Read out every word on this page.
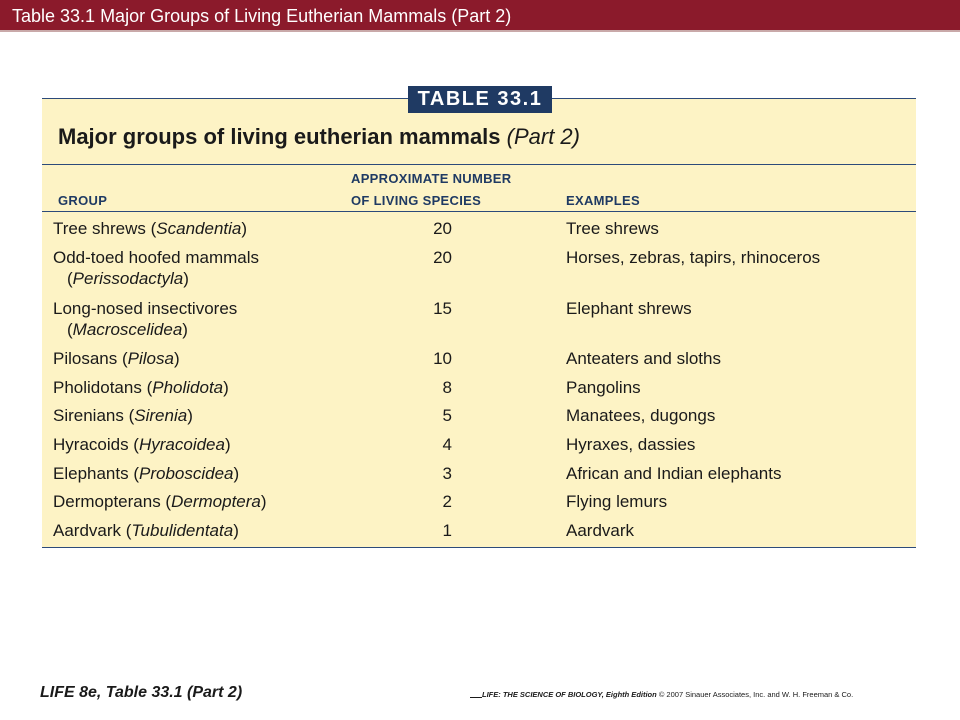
Table 33.1 Major Groups of Living Eutherian Mammals (Part 2)
TABLE 33.1
Major groups of living eutherian mammals (Part 2)
GROUP
APPROXIMATE NUMBER
OF LIVING SPECIES	EXAMPLES
Tree shrews (Scandentia)	20	Tree shrews
Odd-toed hoofed mammals
(Perissodactyla)
20	Horses, zebras, tapirs, rhinoceros
Long-nosed insectivores
(Macroscelidea)
15	Elephant shrews
Pilosans (Pilosa)	10	Anteaters and sloths
Pholidotans (Pholidota)	8	Pangolins
Sirenians (Sirenia)	5	Manatees, dugongs
Hyracoids (Hyracoidea)	4	Hyraxes, dassies
Elephants (Proboscidea)	3	African and Indian elephants
Dermopterans (Dermoptera)	2	Flying lemurs
Aardvark (Tubulidentata)	1	Aardvark
LIFE 8e, Table 33.1 (Part 2)	LIFE: THE SCIENCE OF BIOLOGY, Eighth Edition © 2007 Sinauer Associates, Inc. and W. H. Freeman & Co.
